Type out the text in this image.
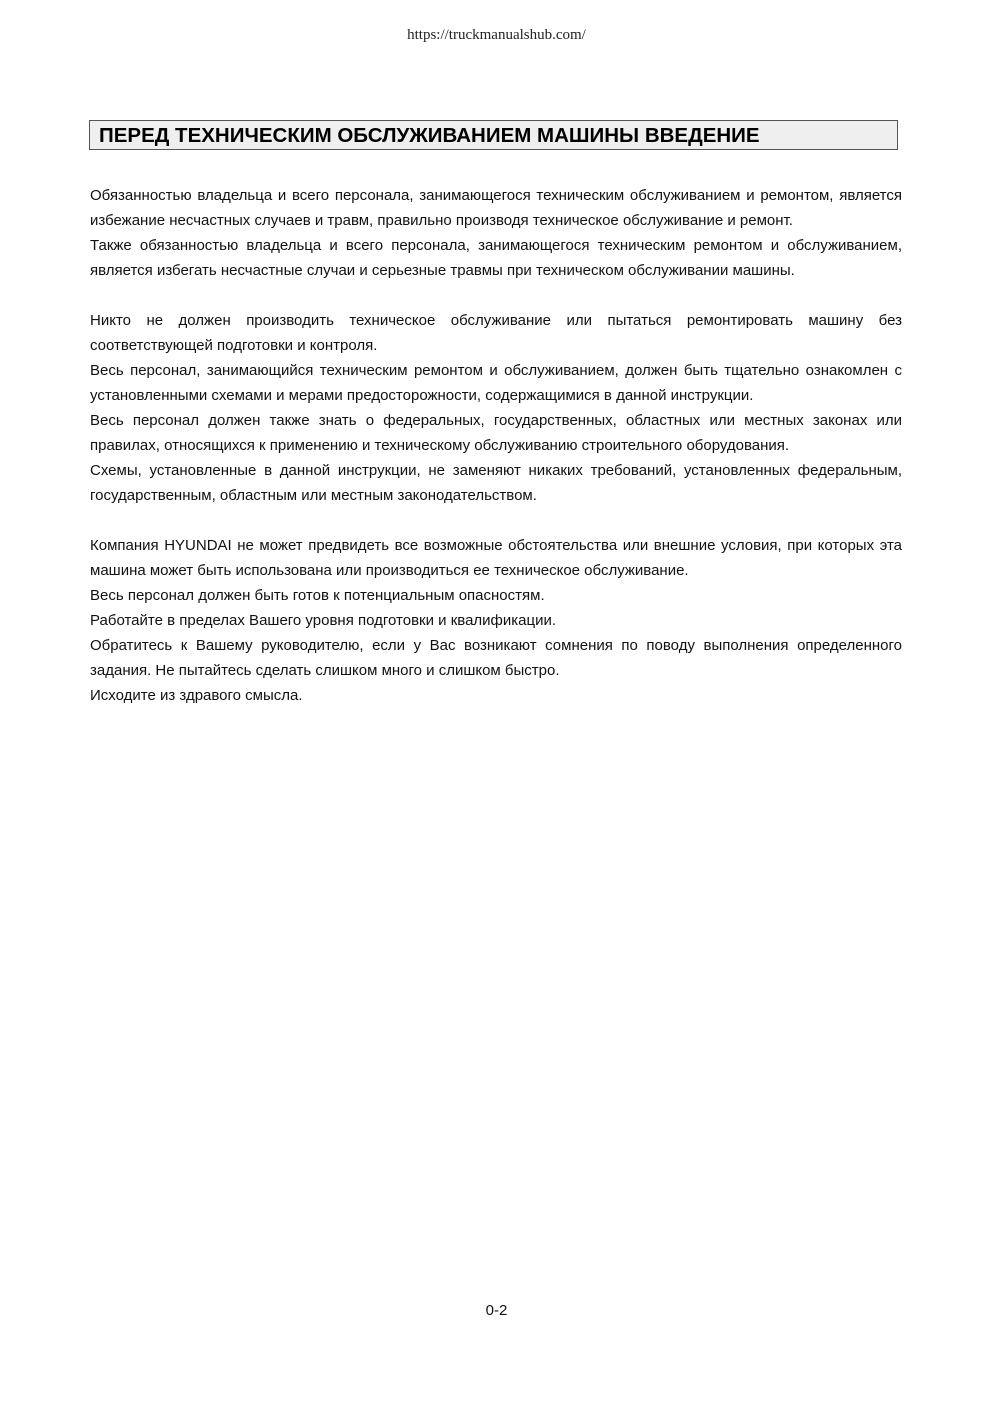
https://truckmanualshub.com/
ПЕРЕД ТЕХНИЧЕСКИМ ОБСЛУЖИВАНИЕМ МАШИНЫ ВВЕДЕНИЕ

Обязанностью владельца и всего персонала, занимающегося техническим обслуживанием и ремонтом, является избежание несчастных случаев и травм, правильно производя техническое обслуживание и ремонт.

Также обязанностью владельца и всего персонала, занимающегося техническим ремонтом и обслуживанием, является избегать несчастные случаи и серьезные травмы при техническом обслуживании машины.

Никто не должен производить техническое обслуживание или пытаться ремонтировать машину без соответствующей подготовки и контроля.

Весь персонал, занимающийся техническим ремонтом и обслуживанием, должен быть тщательно ознакомлен с установленными схемами и мерами предосторожности, содержащимися в данной инструкции.

Весь персонал должен также знать о федеральных, государственных, областных или местных законах или правилах, относящихся к применению и техническому обслуживанию строительного оборудования.

Схемы, установленные в данной инструкции, не заменяют никаких требований, установленных федеральным, государственным, областным или местным законодательством.

Компания HYUNDAI не может предвидеть все возможные обстоятельства или внешние условия, при которых эта машина может быть использована или производиться ее техническое обслуживание.

Весь персонал должен быть готов к потенциальным опасностям.

Работайте в пределах Вашего уровня подготовки и квалификации.

Обратитесь к Вашему руководителю, если у Вас возникают сомнения по поводу выполнения определенного задания. Не пытайтесь сделать слишком много и слишком быстро.

Исходите из здравого смысла.

0-2
